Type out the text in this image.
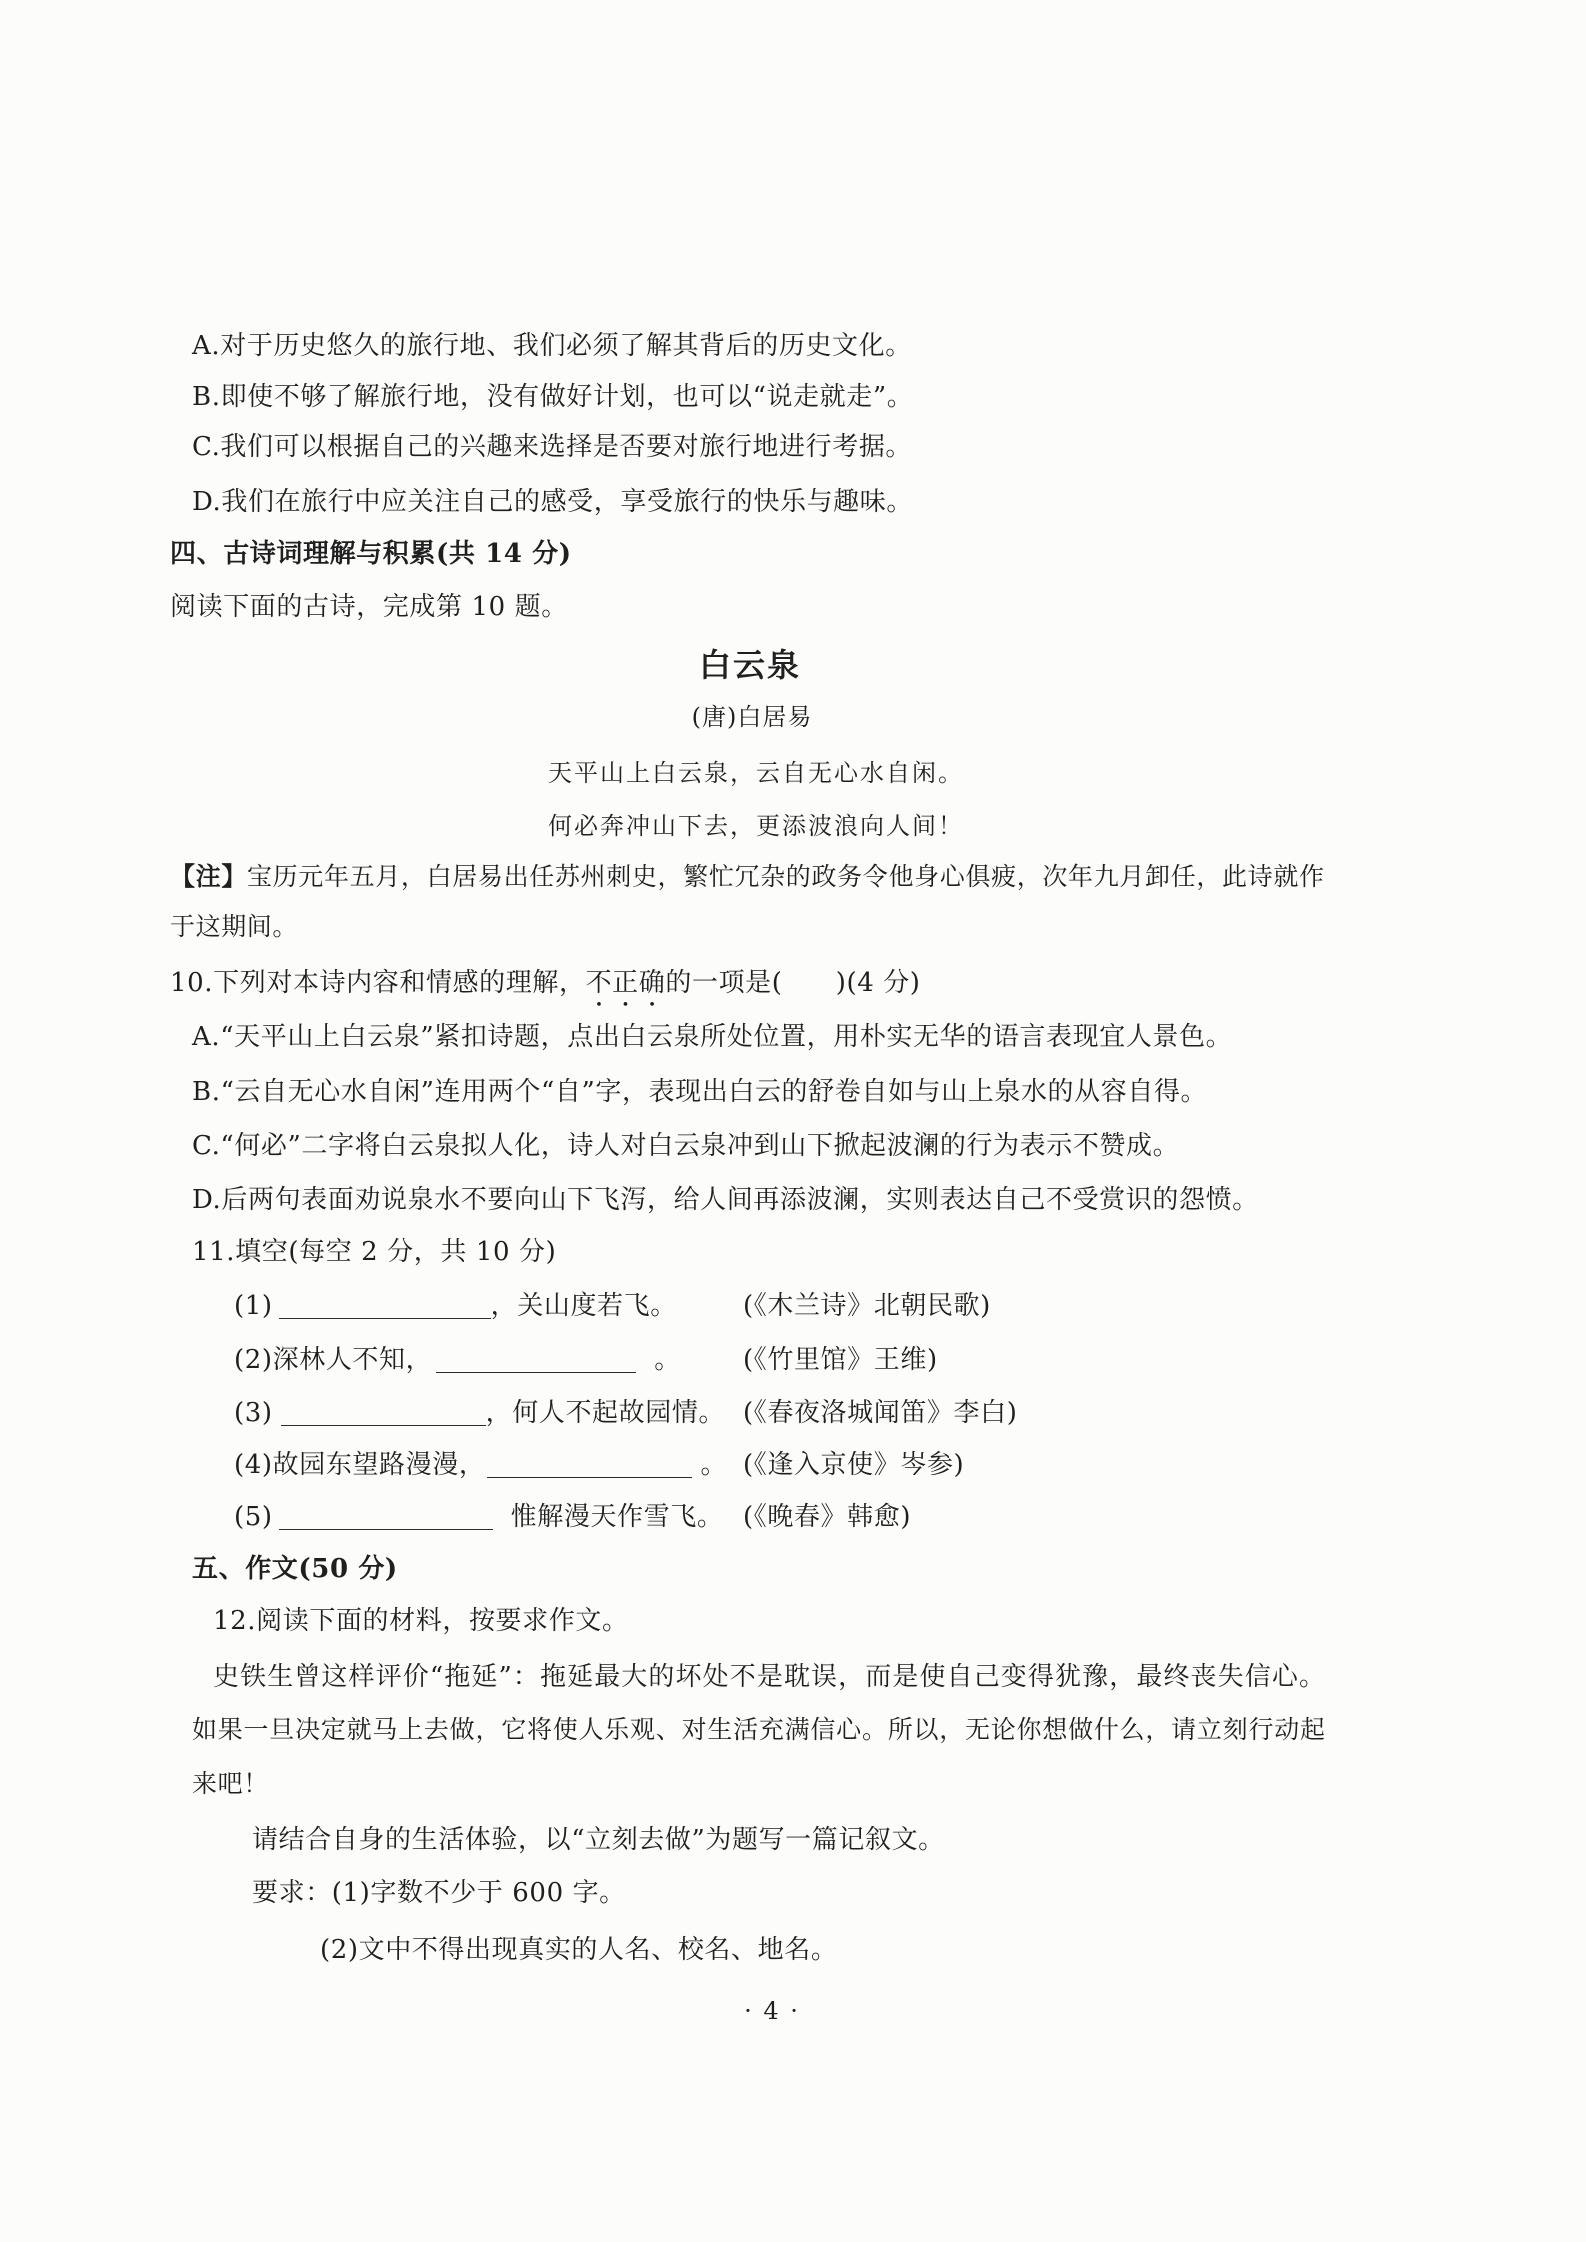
A.对于历史悠久的旅行地、我们必须了解其背后的历史文化。
B.即使不够了解旅行地，没有做好计划，也可以“说走就走”。
C.我们可以根据自己的兴趣来选择是否要对旅行地进行考据。
D.我们在旅行中应关注自己的感受，享受旅行的快乐与趣味。
四、古诗词理解与积累(共 14 分)
阅读下面的古诗，完成第 10 题。
白云泉
(唐)白居易
天平山上白云泉，云自无心水自闲。
何必奔冲山下去，更添波浪向人间！
【注】宝历元年五月，白居易出任苏州刺史，繁忙冗杂的政务令他身心俱疲，次年九月卸任，此诗就作
于这期间。
10.下列对本诗内容和情感的理解，不正确的一项是(　　)(4 分)
A.“天平山上白云泉”紧扣诗题，点出白云泉所处位置，用朴实无华的语言表现宜人景色。
B.“云自无心水自闲”连用两个“自”字，表现出白云的舒卷自如与山上泉水的从容自得。
C.“何必”二字将白云泉拟人化，诗人对白云泉冲到山下掀起波澜的行为表示不赞成。
D.后两句表面劝说泉水不要向山下飞泻，给人间再添波澜，实则表达自己不受赏识的怨愤。
11.填空(每空 2 分，共 10 分)
(1)	，关山度若飞。	(《木兰诗》北朝民歌)
(2)深林人不知，	。 (《竹里馆》王维)
(3)	，何人不起故园情。 (《春夜洛城闻笛》李白)
(4)故园东望路漫漫，	。 (《逢入京使》岑参)
(5)	惟解漫天作雪飞。 (《晚春》韩愈)
五、作文(50 分)
12.阅读下面的材料，按要求作文。
史铁生曾这样评价“拖延”：拖延最大的坏处不是耽误，而是使自己变得犹豫，最终丧失信心。
如果一旦决定就马上去做，它将使人乐观、对生活充满信心。所以，无论你想做什么，请立刻行动起
来吧！
请结合自身的生活体验，以“立刻去做”为题写一篇记叙文。
要求：(1)字数不少于 600 字。
(2)文中不得出现真实的人名、校名、地名。
· 4 ·
